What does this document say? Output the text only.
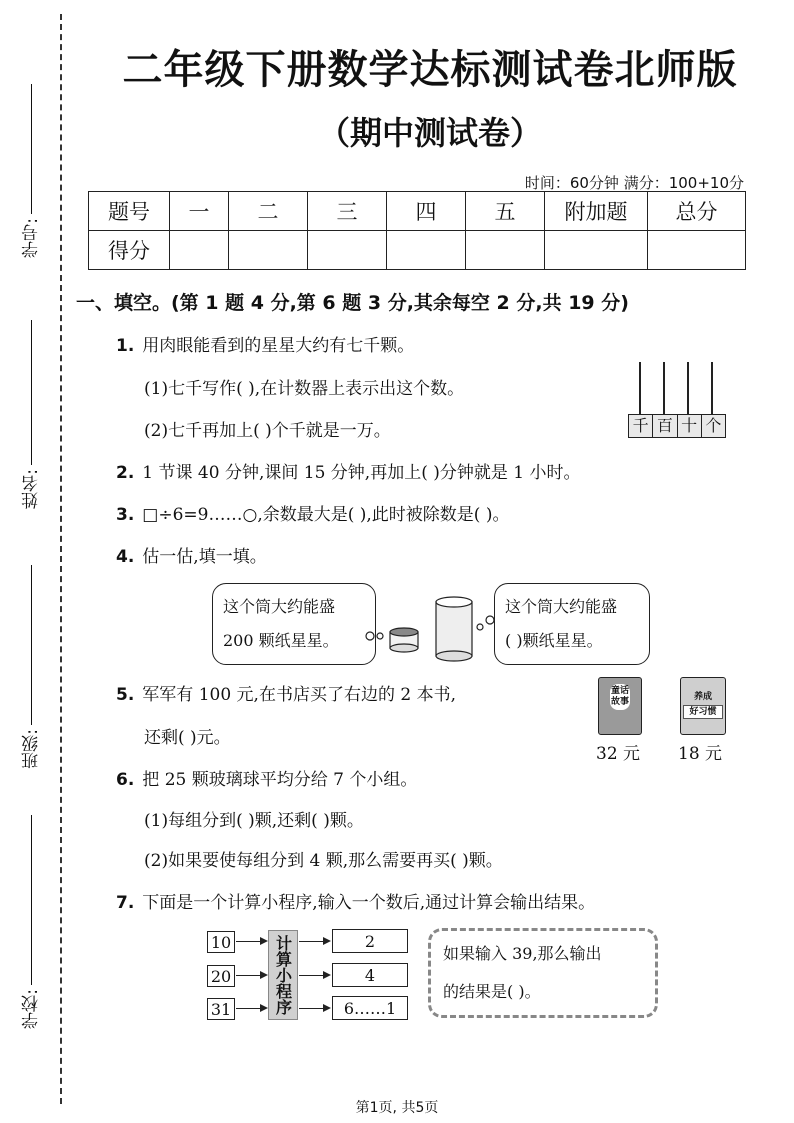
学号:
姓名:
班级:
学校:
二年级下册数学达标测试卷北师版
（期中测试卷）
时间：60分钟 满分：100+10分
题号	一	二	三	四	五	附加题	总分
得分							
一、填空。(第 1 题 4 分,第 6 题 3 分,其余每空 2 分,共 19 分)
1. 用肉眼能看到的星星大约有七千颗。
(1)七千写作( ),在计数器上表示出这个数。
(2)七千再加上( )个千就是一万。	千 百 十 个
2. 1 节课 40 分钟,课间 15 分钟,再加上( )分钟就是 1 小时。
3. □÷6=9……○,余数最大是( ),此时被除数是( )。
4. 估一估,填一填。
这个筒大约能盛
200 颗纸星星。
这个筒大约能盛
( )颗纸星星。
5. 军军有 100 元,在书店买了右边的 2 本书,
还剩( )元。
童话故事
32 元
养成
好习惯
18 元
6. 把 25 颗玻璃球平均分给 7 个小组。
(1)每组分到( )颗,还剩( )颗。
(2)如果要使每组分到 4 颗,那么需要再买( )颗。
7. 下面是一个计算小程序,输入一个数后,通过计算会输出结果。
10
20
31	计算小程序	2
4
6……1
如果输入 39,那么输出
的结果是( )。
第1页, 共5页
